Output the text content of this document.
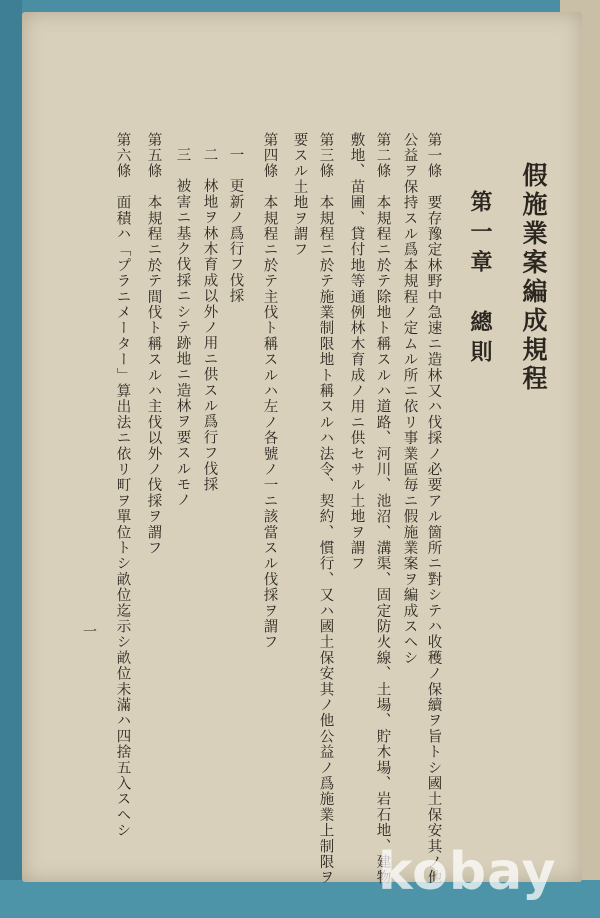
假施業案編成規程
第一章　總則
第一條　要存豫定林野中急速ニ造林又ハ伐採ノ必要アル箇所ニ對シテハ收穫ノ保續ヲ旨トシ國土保安其ノ他
公益ヲ保持スル爲本規程ノ定ムル所ニ依リ事業區毎ニ假施業案ヲ編成スヘシ
第二條　本規程ニ於テ除地ト稱スルハ道路、河川、池沼、溝渠、固定防火線、土場、貯木場、岩石地、建物
敷地、苗圃、貸付地等通例林木育成ノ用ニ供セサル土地ヲ謂フ
第三條　本規程ニ於テ施業制限地ト稱スルハ法令、契約、慣行、又ハ國土保安其ノ他公益ノ爲施業上制限ヲ
要スル土地ヲ謂フ
第四條　本規程ニ於テ主伐ト稱スルハ左ノ各號ノ一ニ該當スル伐採ヲ謂フ
一　更新ノ爲行フ伐採
二　林地ヲ林木育成以外ノ用ニ供スル爲行フ伐採
三　被害ニ基ク伐採ニシテ跡地ニ造林ヲ要スルモノ
第五條　本規程ニ於テ間伐ト稱スルハ主伐以外ノ伐採ヲ謂フ
第六條　面積ハ「プラニメーター」算出法ニ依リ町ヲ單位トシ畝位迄示シ畝位未滿ハ四捨五入スヘシ
一
kobay
